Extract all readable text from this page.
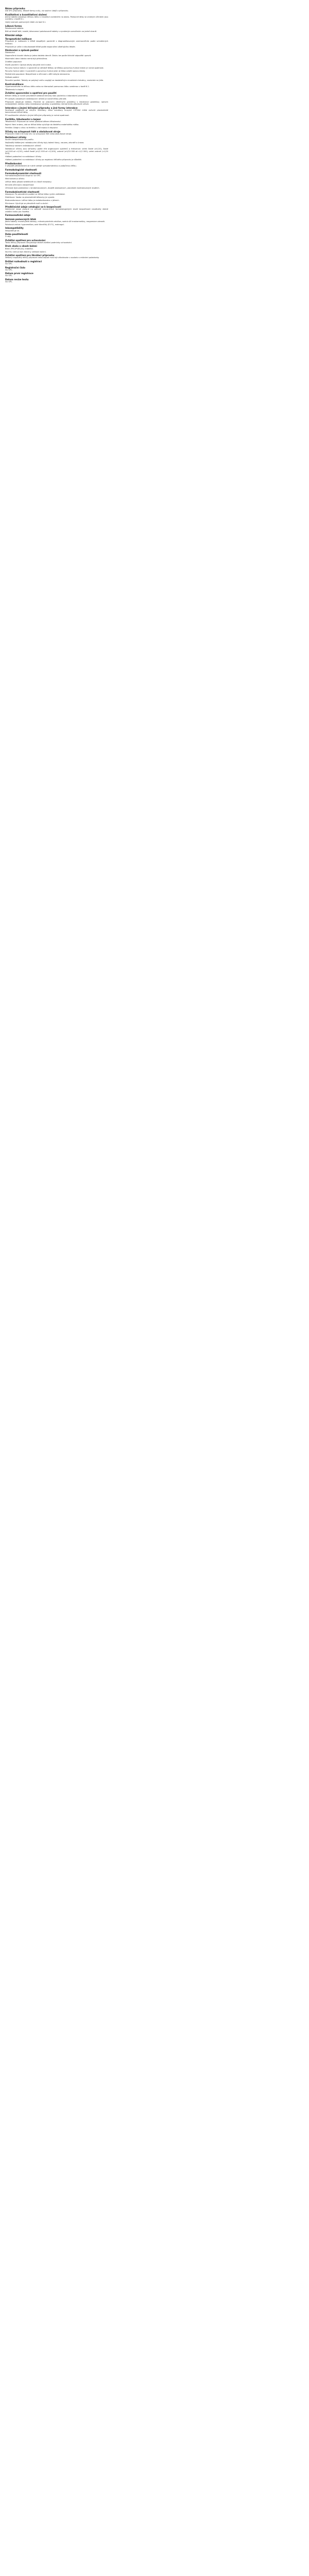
Název přípravku
Dle SPC přípravku, lékové formy a síly, viz souhrn údajů o přípravku.
Kvalitativní a kvantitativní složení
Jedna tableta obsahuje léčivou látku v množství uvedeném na obalu. Pomocné látky se známým účinkem jsou uvedeny v bodě 6.1.
Úplný seznam pomocných látek viz bod 6.1.
Léková forma
Potahovaná tableta.
Bílé až téměř bílé, kulaté, bikonvexní potahované tablety s vyraženým označením na jedné straně.
Klinické údaje
Terapeutické indikace
Přípravek je indikován k léčbě dospělých pacientů s diagnostikovaným onemocněním podle schválených indikací.
Přípravek je určen k dlouhodobé léčbě podle doporučení ošetřujícího lékaře.
Dávkování a způsob podání
Dávkování
Doporučená úvodní dávka je jedna tableta denně. Dávku lze podle klinické odpovědi upravit.
Maximální denní dávka nemá být překročena.
Zvláštní populace
Starší pacienti: Úprava dávky obvykle není nutná.
Porucha funkce ledvin: U pacientů se středně těžkou až těžkou poruchou funkce ledvin je nutná opatrnost.
Porucha funkce jater: U pacientů s poruchou funkce jater je třeba zvážit úpravu dávky.
Pediatrická populace: Bezpečnost a účinnost u dětí nebyla stanovena.
Způsob podání
Perorální podání. Tablety se polykají celé a zapíjejí se dostatečným množstvím tekutiny, nezávisle na jídle.
Kontraindikace
Hypersenzitivita na léčivou látku nebo na kteroukoli pomocnou látku uvedenou v bodě 6.1.
Těhotenství a kojení.
Zvláštní upozornění a opatření pro použití
Během léčby je nutné pravidelně sledovat klinický stav pacienta a laboratorní parametry.
Při výskytu závažných nežádoucích účinků je nutné léčbu přerušit.
Přípravek obsahuje laktózu. Pacienti se vzácnými dědičnými problémy s intolerancí galaktózy, úplným nedostatkem laktázy nebo malabsorpcí glukózy a galaktózy nemají tento přípravek užívat.
Interakce s jinými léčivými přípravky a jiné formy interakce
Současné podávání se silnými inhibitory nebo induktory enzymů CYP3A4 může ovlivnit plazmatické koncentrace léčivé látky.
Při současném užívání s jinými léčivými přípravky je nutná opatrnost.
Fertilita, těhotenství a kojení
Těhotenství: Přípravek se nemá podávat během těhotenství.
Kojení: Není známo, zda se léčivá látka vylučuje do lidského mateřského mléka.
Fertilita: Údaje o vlivu na fertilitu u lidí nejsou k dispozici.
Účinky na schopnost řídit a obsluhovat stroje
Přípravek může mít malý vliv na schopnost řídit nebo obsluhovat stroje.
Nežádoucí účinky
Souhrn bezpečnostního profilu
Nejčastěji hlášenými nežádoucími účinky byly bolest hlavy, nauzea, závratě a únava.
Tabulkový seznam nežádoucích účinků
Nežádoucí účinky jsou seřazeny podle tříd orgánových systémů a frekvence: velmi časté (≥1/10), časté (≥1/100 až <1/10), méně časté (≥1/1 000 až <1/100), vzácné (≥1/10 000 až <1/1 000), velmi vzácné (<1/10 000).
Hlášení podezření na nežádoucí účinky
Hlášení podezření na nežádoucí účinky po registraci léčivého přípravku je důležité.
Předávkování
V případě předávkování je nutné zahájit symptomatickou a podpůrnou léčbu.
Farmakologické vlastnosti
Farmakodynamické vlastnosti
Farmakoterapeutická skupina: viz SPC.
Mechanismus účinku
Léčivá látka působí selektivně na cílové receptory.
Klinická účinnost a bezpečnost
Účinnost byla prokázána v randomizovaných, dvojitě zaslepených, placebem kontrolovaných studiích.
Farmakokinetické vlastnosti
Absorpce: Po perorálním podání se léčivá látka rychle vstřebává.
Distribuce: Vazba na plazmatické bílkoviny je vysoká.
Biotransformace: Léčivá látka je metabolizována v játrech.
Eliminace: Vylučuje se převážně močí a stolicí.
Předklinické údaje vztahující se k bezpečnosti
Neklinické údaje získané na základě konvenčních farmakologických studií bezpečnosti neodhalily žádné zvláštní riziko pro člověka.
Farmaceutické údaje
Seznam pomocných látek
Jádro tablety: monohydrát laktózy, mikrokrystalická celulóza, sodná sůl kroskarmelózy, magnesium-stearát.
Potahová vrstva: hypromelóza, oxid titaničitý (E171), makrogol.
Inkompatibility
Neuplatňuje se.
Doba použitelnosti
3 roky.
Zvláštní opatření pro uchovávání
Tento léčivý přípravek nevyžaduje žádné zvláštní podmínky uchovávání.
Druh obalu a obsah balení
Blistr (PVC/PVDC/Al), krabička.
Na trhu nemusí být všechny velikosti balení.
Zvláštní opatření pro likvidaci přípravku
Veškerý nepoužitý léčivý přípravek nebo odpad musí být zlikvidován v souladu s místními požadavky.
Držitel rozhodnutí o registraci
Viz SPC.
Registrační číslo
Viz SPC.
Datum první registrace
Viz SPC.
Datum revize textu
Viz SPC.
